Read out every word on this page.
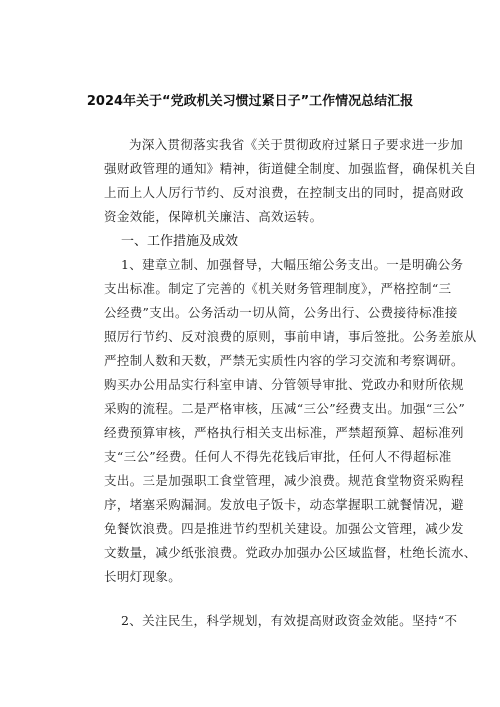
2024年关于“党政机关习惯过紧日子”工作情况总结汇报
为深入贯彻落实我省《关于贯彻政府过紧日子要求进一步加
强财政管理的通知》精神，街道健全制度、加强监督，确保机关自
上而上人人厉行节约、反对浪费，在控制支出的同时，提高财政
资金效能，保障机关廉洁、高效运转。
一、工作措施及成效
1、建章立制、加强督导，大幅压缩公务支出。一是明确公务
支出标准。制定了完善的《机关财务管理制度》，严格控制“三
公经费”支出。公务活动一切从简，公务出行、公费接待标准接
照厉行节约、反对浪费的原则，事前申请，事后签批。公务差旅从
严控制人数和天数，严禁无实质性内容的学习交流和考察调研。
购买办公用品实行科室申请、分管领导审批、党政办和财所依规
采购的流程。二是严格审核，压减“三公”经费支出。加强“三公”
经费预算审核，严格执行相关支出标准，严禁超预算、超标准列
支“三公”经费。任何人不得先花钱后审批，任何人不得超标准
支出。三是加强职工食堂管理，减少浪费。规范食堂物资采购程
序，堵塞采购漏洞。发放电子饭卡，动态掌握职工就餐情况，避
免餐饮浪费。四是推进节约型机关建设。加强公文管理，减少发
文数量，减少纸张浪费。党政办加强办公区域监督，杜绝长流水、
长明灯现象。
2、关注民生，科学规划，有效提高财政资金效能。坚持“不
